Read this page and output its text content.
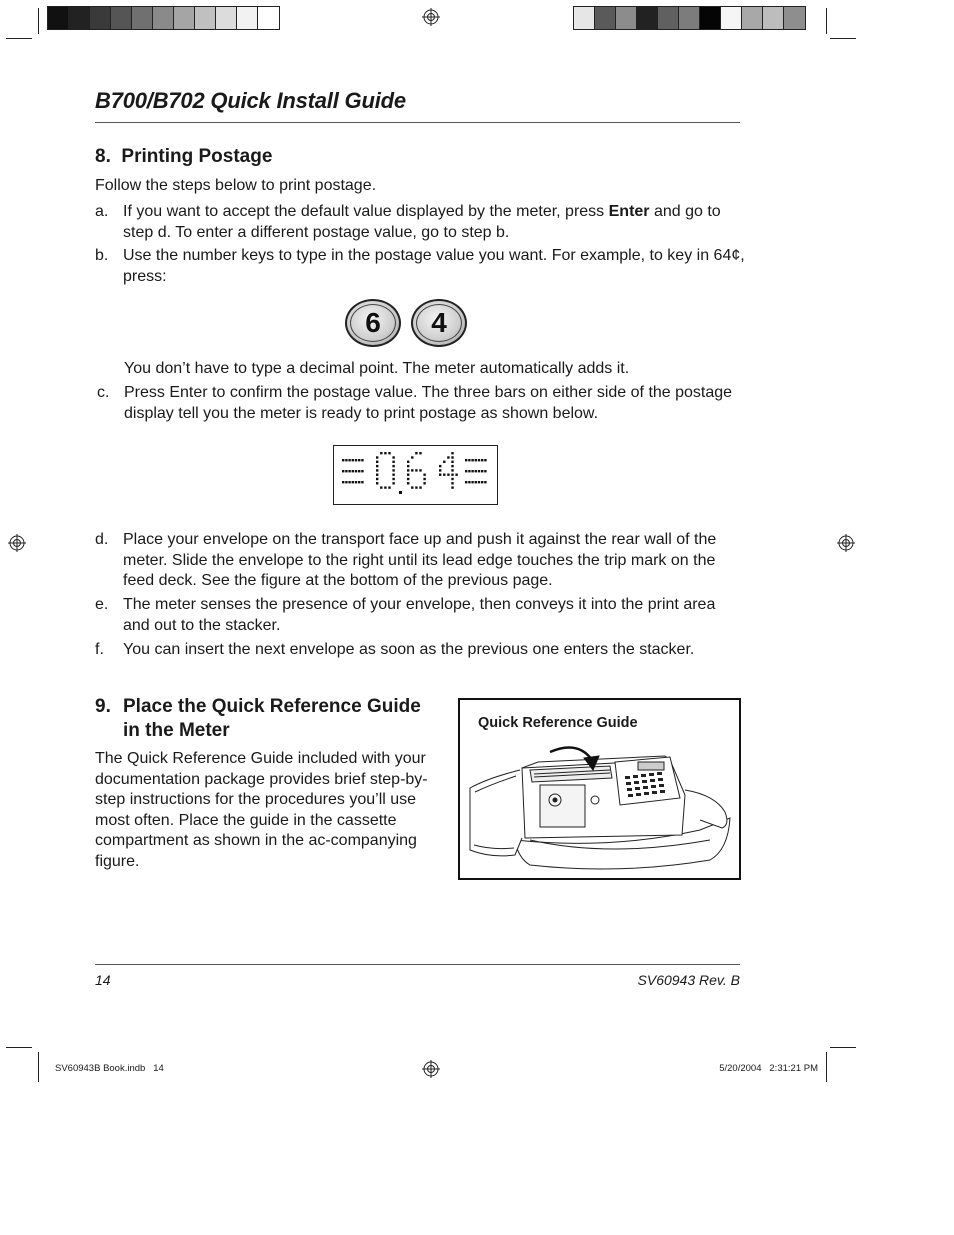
B700/B702 Quick Install Guide
8. Printing Postage
Follow the steps below to print postage.
a. If you want to accept the default value displayed by the meter, press Enter and go to step d. To enter a different postage value, go to step b.
b. Use the number keys to type in the postage value you want. For example, to key in 64¢, press:
6	4
You don’t have to type a decimal point. The meter automatically adds it.
c. Press Enter to confirm the postage value. The three bars on either side of the postage display tell you the meter is ready to print postage as shown below.
d. Place your envelope on the transport face up and push it against the rear wall of the meter. Slide the envelope to the right until its lead edge touches the trip mark on the feed deck. See the figure at the bottom of the previous page.
e. The meter senses the presence of your envelope, then conveys it into the print area and out to the stacker.
f.	You can insert the next envelope as soon as the previous one enters the stacker.
9. Place the Quick Reference Guide in the Meter
The Quick Reference Guide included with your documentation package provides brief step-by-step instructions for the procedures you’ll use most often. Place the guide in the cassette compartment as shown in the ac-companying figure.
Quick Reference Guide
14	SV60943 Rev. B
SV60943B Book.indb   14	5/20/2004   2:31:21 PM
